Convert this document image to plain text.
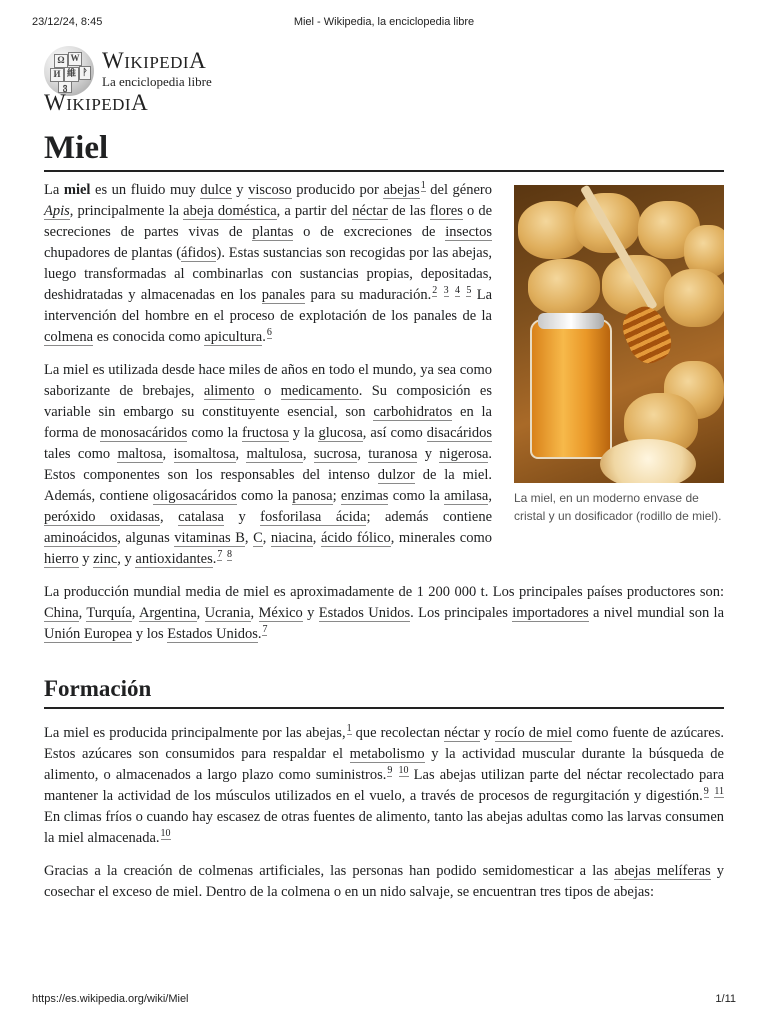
23/12/24, 8:45	Miel - Wikipedia, la enciclopedia libre
Ω W
И 維 ᚹ
ვ
WIKIPEDIA
La enciclopedia libre
WIKIPEDIA
Miel

La miel es un fluido muy dulce y viscoso producido por abejas$^1$ del género Apis, principalmente la abeja doméstica, a partir del néctar de las flores o de secreciones de partes vivas de plantas o de excreciones de insectos chupadores de plantas (áfidos). Estas sustancias son recogidas por las abejas, luego transformadas al combinarlas con sustancias propias, depositadas, deshidratadas y almacenadas en los panales para su maduración.$^2$ $^3$ $^4$ $^5$ La intervención del hombre en el proceso de explotación de los panales de la colmena es conocida como apicultura.$^6$

La miel es utilizada desde hace miles de años en todo el mundo, ya sea como saborizante de brebajes, alimento o medicamento. Su composición es variable sin embargo su constituyente esencial, son carbohidratos en la forma de monosacáridos como la fructosa y la glucosa, así como disacáridos tales como maltosa, isomaltosa, maltulosa, sucrosa, turanosa y nigerosa. Estos componentes son los responsables del intenso dulzor de la miel. Además, contiene oligosacáridos como la panosa; enzimas como la amilasa, peróxido oxidasas, catalasa y fosforilasa ácida; además contiene aminoácidos, algunas vitaminas B, C, niacina, ácido fólico, minerales como hierro y zinc, y antioxidantes.$^7$ $^8$

La miel, en un moderno envase de cristal y un dosificador (rodillo de miel).

La producción mundial media de miel es aproximadamente de 1 200 000 t. Los principales países productores son: China, Turquía, Argentina, Ucrania, México y Estados Unidos. Los principales importadores a nivel mundial son la Unión Europea y los Estados Unidos.$^7$

Formación

La miel es producida principalmente por las abejas,$^1$ que recolectan néctar y rocío de miel como fuente de azúcares. Estos azúcares son consumidos para respaldar el metabolismo y la actividad muscular durante la búsqueda de alimento, o almacenados a largo plazo como suministros.$^9$ $^{10}$ Las abejas utilizan parte del néctar recolectado para mantener la actividad de los músculos utilizados en el vuelo, a través de procesos de regurgitación y digestión.$^9$ $^{11}$ En climas fríos o cuando hay escasez de otras fuentes de alimento, tanto las abejas adultas como las larvas consumen la miel almacenada.$^{10}$

Gracias a la creación de colmenas artificiales, las personas han podido semidomesticar a las abejas melíferas y cosechar el exceso de miel. Dentro de la colmena o en un nido salvaje, se encuentran tres tipos de abejas:

https://es.wikipedia.org/wiki/Miel	1/11
